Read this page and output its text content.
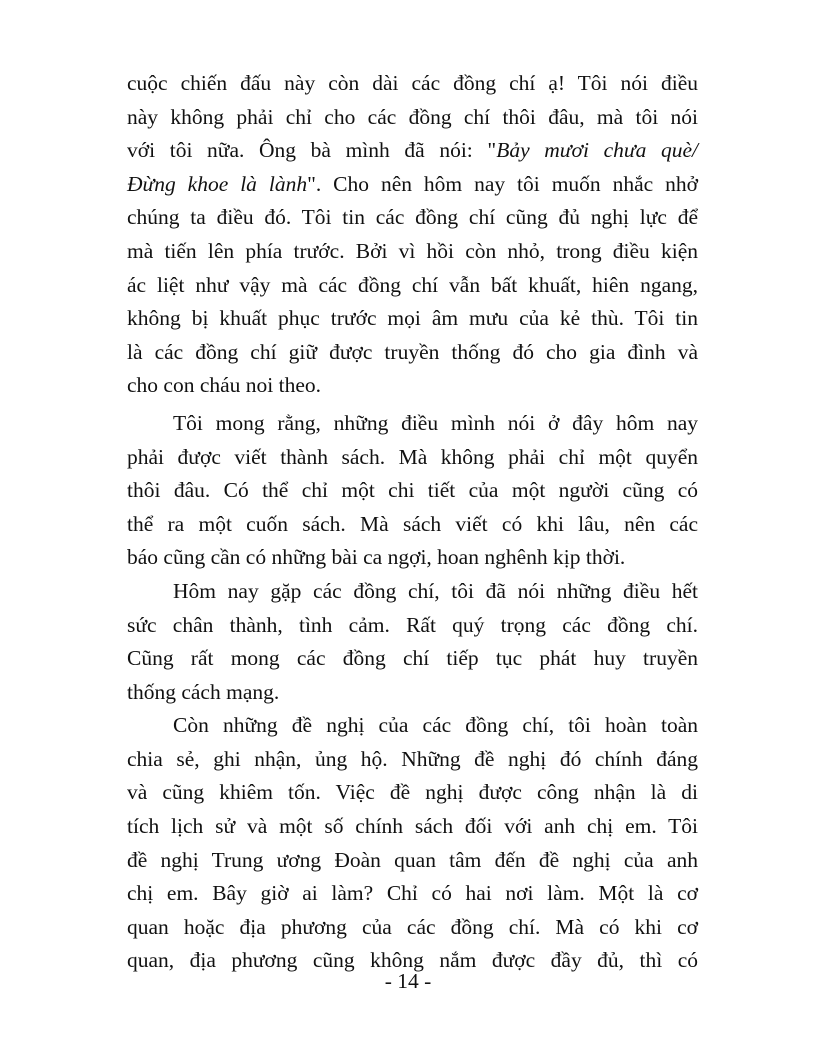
cuộc chiến đấu này còn dài các đồng chí ạ! Tôi nói điều
này không phải chỉ cho các đồng chí thôi đâu, mà tôi nói
với tôi nữa. Ông bà mình đã nói: "Bảy mươi chưa què/
Đừng khoe là lành". Cho nên hôm nay tôi muốn nhắc nhở
chúng ta điều đó. Tôi tin các đồng chí cũng đủ nghị lực để
mà tiến lên phía trước. Bởi vì hồi còn nhỏ, trong điều kiện
ác liệt như vậy mà các đồng chí vẫn bất khuất, hiên ngang,
không bị khuất phục trước mọi âm mưu của kẻ thù. Tôi tin
là các đồng chí giữ được truyền thống đó cho gia đình và
cho con cháu noi theo.
Tôi mong rằng, những điều mình nói ở đây hôm nay
phải được viết thành sách. Mà không phải chỉ một quyển
thôi đâu. Có thể chỉ một chi tiết của một người cũng có
thể ra một cuốn sách. Mà sách viết có khi lâu, nên các
báo cũng cần có những bài ca ngợi, hoan nghênh kịp thời.
Hôm nay gặp các đồng chí, tôi đã nói những điều hết
sức chân thành, tình cảm. Rất quý trọng các đồng chí.
Cũng rất mong các đồng chí tiếp tục phát huy truyền
thống cách mạng.
Còn những đề nghị của các đồng chí, tôi hoàn toàn
chia sẻ, ghi nhận, ủng hộ. Những đề nghị đó chính đáng
và cũng khiêm tốn. Việc đề nghị được công nhận là di
tích lịch sử và một số chính sách đối với anh chị em. Tôi
đề nghị Trung ương Đoàn quan tâm đến đề nghị của anh
chị em. Bây giờ ai làm? Chỉ có hai nơi làm. Một là cơ
quan hoặc địa phương của các đồng chí. Mà có khi cơ
quan, địa phương cũng không nắm được đầy đủ, thì có
- 14 -
